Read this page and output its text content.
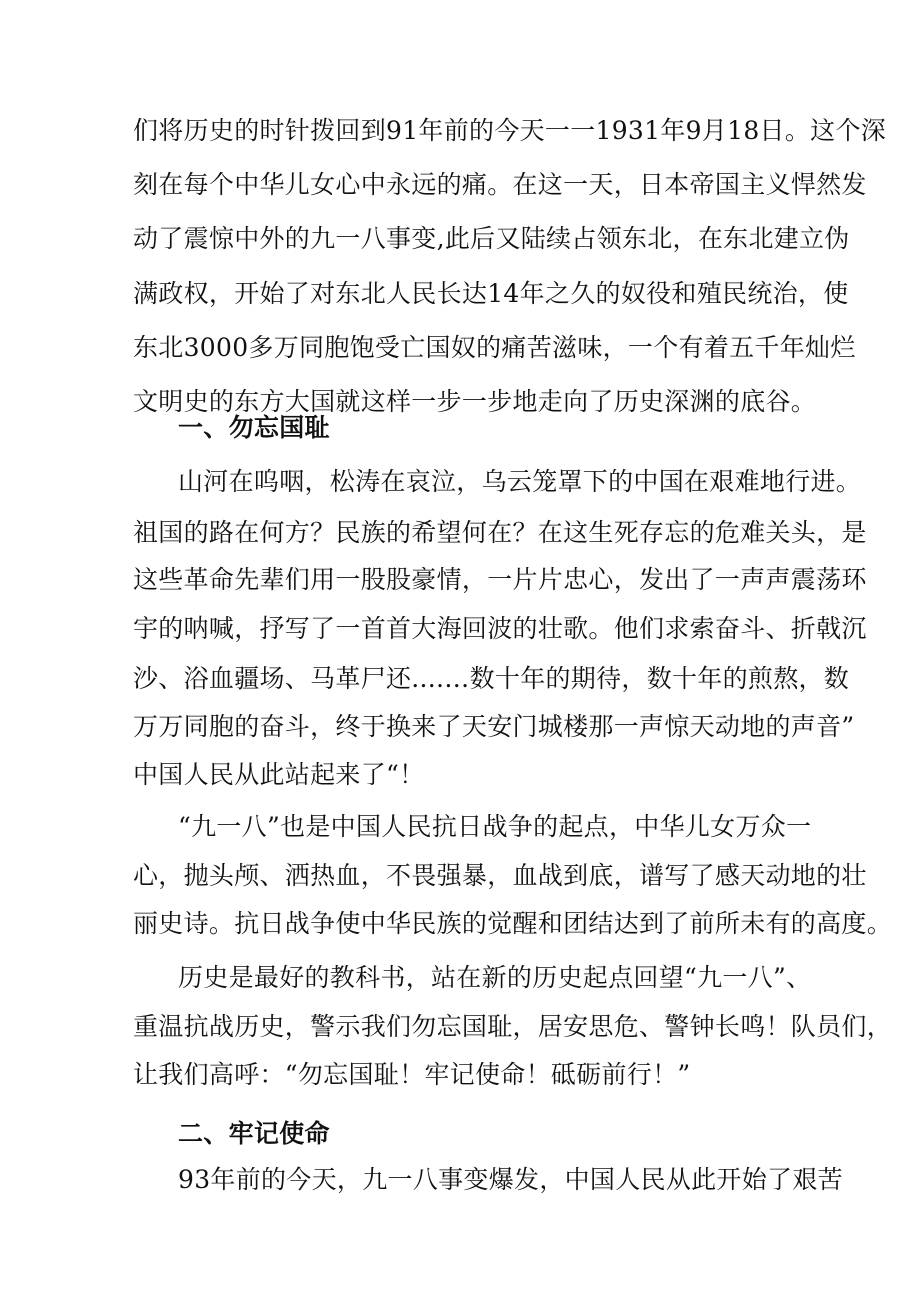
们将历史的时针拨回到91年前的今天一一1931年9月18日。这个深
刻在每个中华儿女心中永远的痛。在这一天，日本帝国主义悍然发
动了震惊中外的九一八事变,此后又陆续占领东北，在东北建立伪
满政权，开始了对东北人民长达14年之久的奴役和殖民统治，使
东北3000多万同胞饱受亡国奴的痛苦滋味，一个有着五千年灿烂
文明史的东方大国就这样一步一步地走向了历史深渊的底谷。
一、勿忘国耻
山河在呜咽，松涛在哀泣，乌云笼罩下的中国在艰难地行进。
祖国的路在何方？民族的希望何在？在这生死存忘的危难关头，是
这些革命先辈们用一股股豪情，一片片忠心，发出了一声声震荡环
宇的呐喊，抒写了一首首大海回波的壮歌。他们求索奋斗、折戟沉
沙、浴血疆场、马革尸还....…数十年的期待，数十年的煎熬，数
万万同胞的奋斗，终于换来了天安门城楼那一声惊天动地的声音”
中国人民从此站起来了“！
“九一八”也是中国人民抗日战争的起点，中华儿女万众一
心，抛头颅、洒热血，不畏强暴，血战到底，谱写了感天动地的壮
丽史诗。抗日战争使中华民族的觉醒和团结达到了前所未有的高度。
历史是最好的教科书，站在新的历史起点回望“九一八”、
重温抗战历史，警示我们勿忘国耻，居安思危、警钟长鸣！队员们，
让我们高呼：“勿忘国耻！牢记使命！砥砺前行！”
二、牢记使命
93年前的今天，九一八事变爆发，中国人民从此开始了艰苦
